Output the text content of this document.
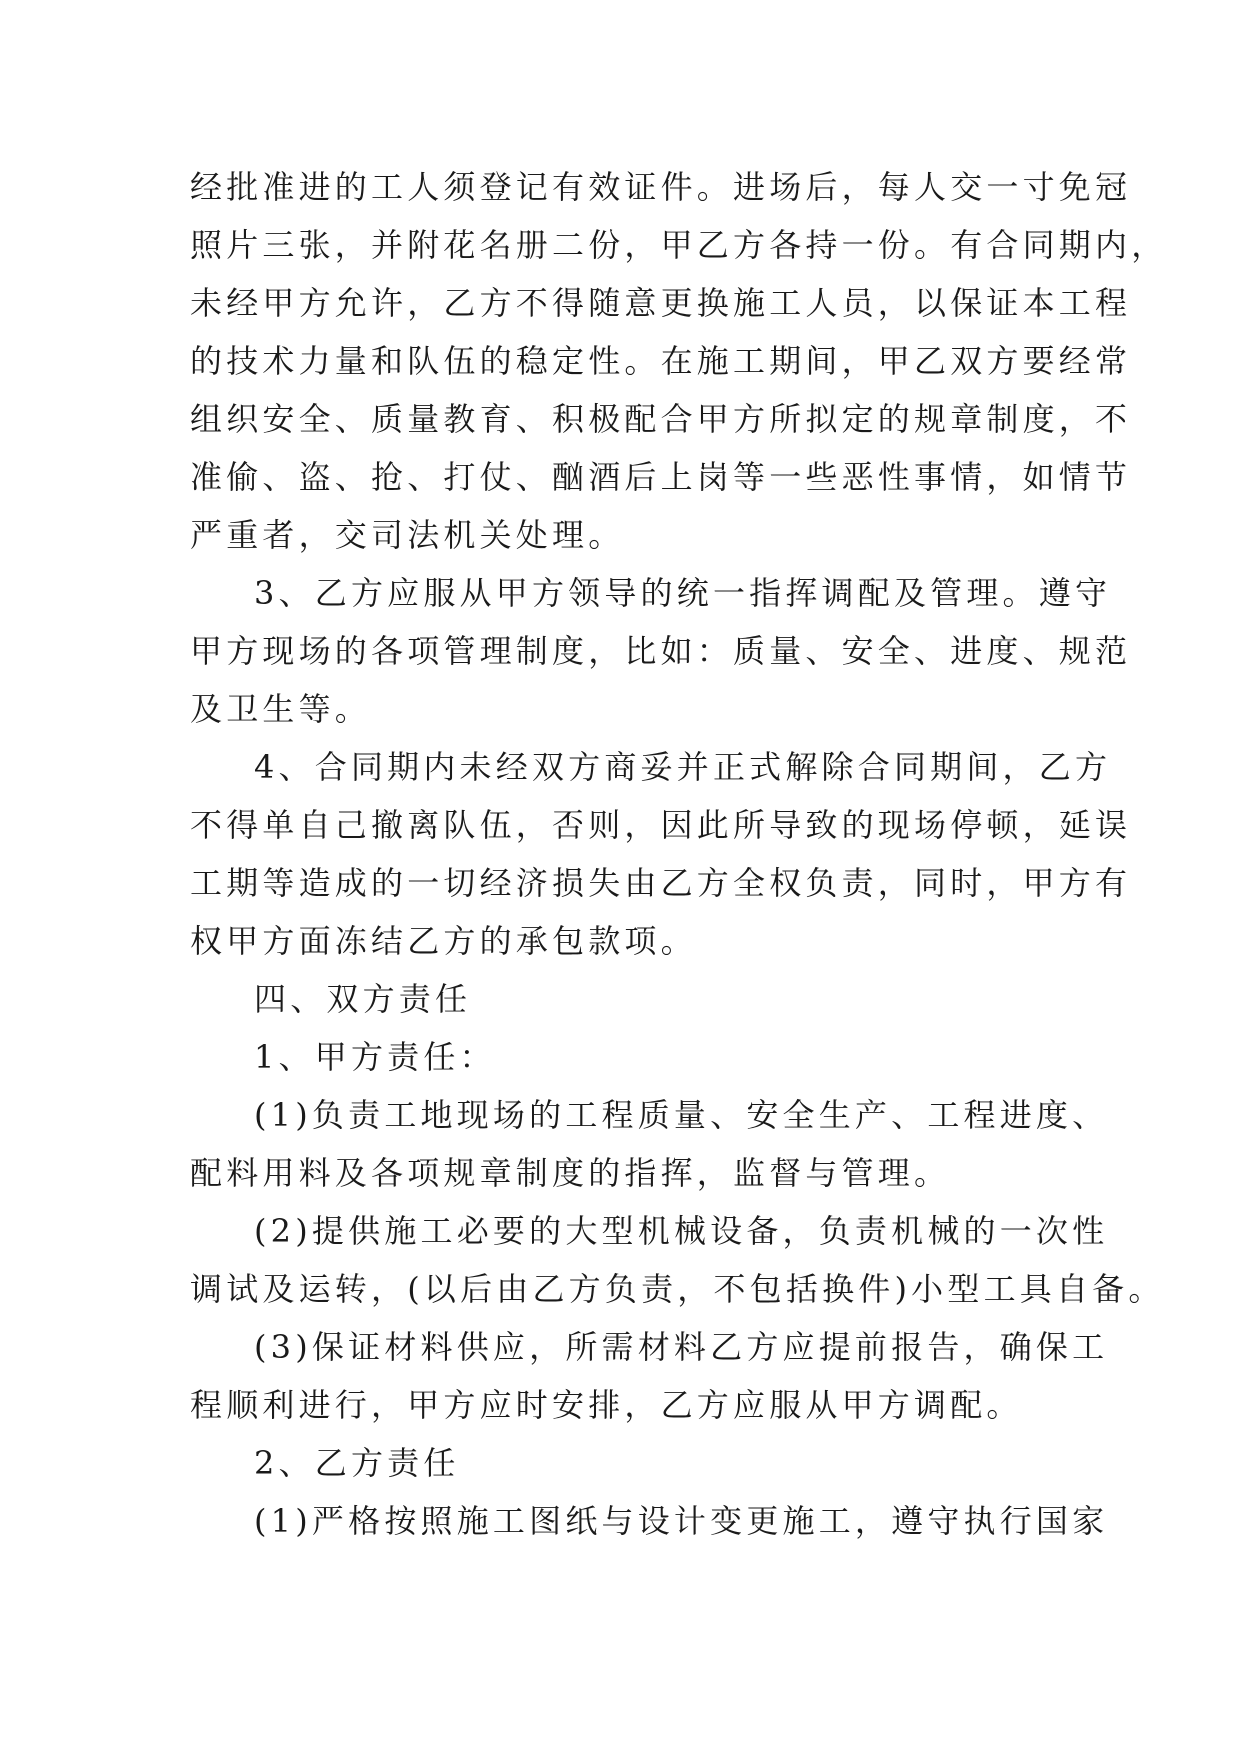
经批准进的工人须登记有效证件。进场后，每人交一寸免冠
照片三张，并附花名册二份，甲乙方各持一份。有合同期内，
未经甲方允许，乙方不得随意更换施工人员，以保证本工程
的技术力量和队伍的稳定性。在施工期间，甲乙双方要经常
组织安全、质量教育、积极配合甲方所拟定的规章制度，不
准偷、盗、抢、打仗、酗酒后上岗等一些恶性事情，如情节
严重者，交司法机关处理。
3、乙方应服从甲方领导的统一指挥调配及管理。遵守
甲方现场的各项管理制度，比如：质量、安全、进度、规范
及卫生等。
4、合同期内未经双方商妥并正式解除合同期间，乙方
不得单自己撤离队伍，否则，因此所导致的现场停顿，延误
工期等造成的一切经济损失由乙方全权负责，同时，甲方有
权甲方面冻结乙方的承包款项。
四、双方责任
1、甲方责任：
(1)负责工地现场的工程质量、安全生产、工程进度、
配料用料及各项规章制度的指挥，监督与管理。
(2)提供施工必要的大型机械设备，负责机械的一次性
调试及运转，(以后由乙方负责，不包括换件)小型工具自备。
(3)保证材料供应，所需材料乙方应提前报告，确保工
程顺利进行，甲方应时安排，乙方应服从甲方调配。
2、乙方责任
(1)严格按照施工图纸与设计变更施工，遵守执行国家
